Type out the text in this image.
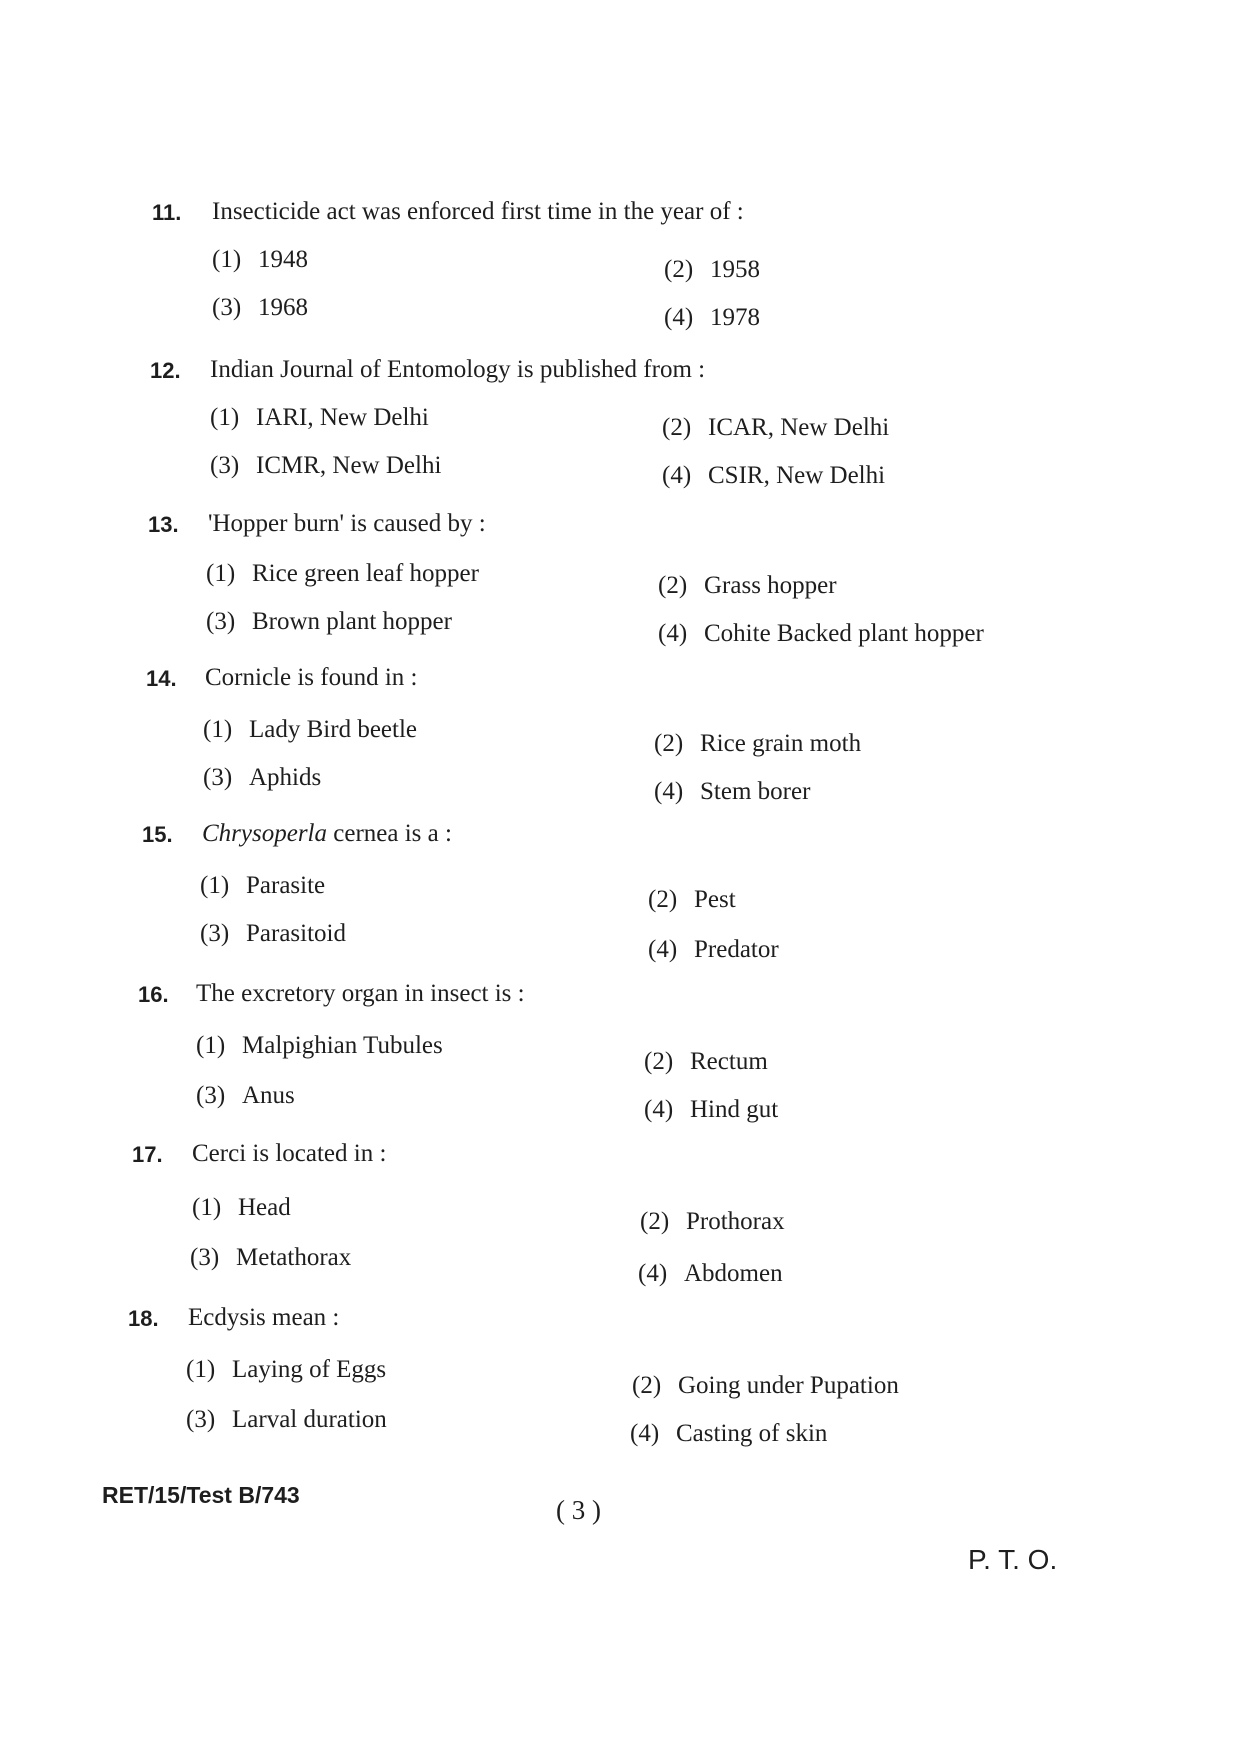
11. Insecticide act was enforced first time in the year of :
(1) 1948	(2) 1958
(3) 1968	(4) 1978
12. Indian Journal of Entomology is published from :
(1) IARI, New Delhi	(2) ICAR, New Delhi
(3) ICMR, New Delhi	(4) CSIR, New Delhi
13. 'Hopper burn' is caused by :
(1) Rice green leaf hopper	(2) Grass hopper
(3) Brown plant hopper	(4) Cohite Backed plant hopper
14. Cornicle is found in :
(1) Lady Bird beetle
(2) Rice grain moth
(3) Aphids
(4) Stem borer
15. Chrysoperla cernea is a :
(1) Parasite
(2) Pest
(3) Parasitoid
(4) Predator
16. The excretory organ in insect is :
(1) Malpighian Tubules
(2) Rectum
(3) Anus
(4) Hind gut
17. Cerci is located in :
(1) Head
(2) Prothorax
(3) Metathorax
(4) Abdomen
18. Ecdysis mean :
(1) Laying of Eggs
(2) Going under Pupation
(3) Larval duration
(4) Casting of skin
RET/15/Test B/743	( 3 )
P. T. O.
